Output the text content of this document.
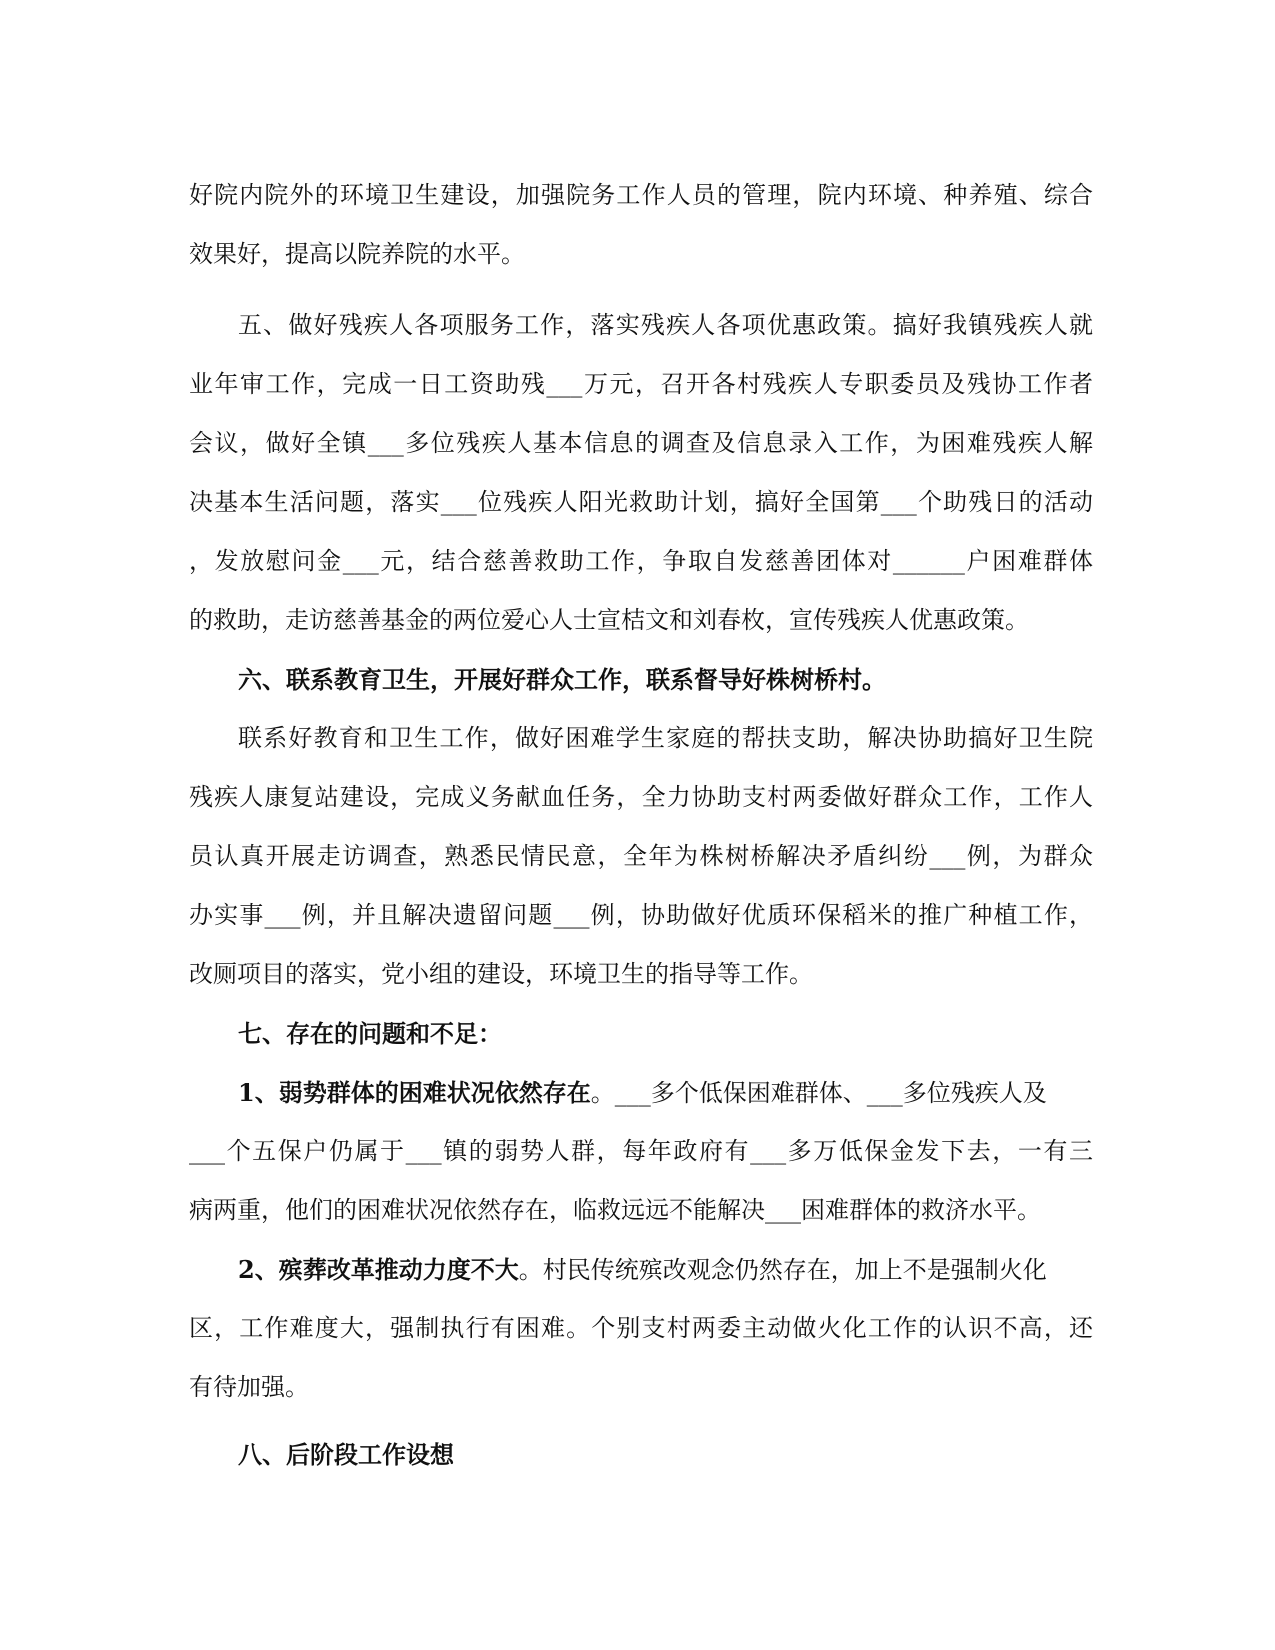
好院内院外的环境卫生建设，加强院务工作人员的管理，院内环境、种养殖、综合
效果好，提高以院养院的水平。
五、做好残疾人各项服务工作，落实残疾人各项优惠政策。搞好我镇残疾人就
业年审工作，完成一日工资助残___万元，召开各村残疾人专职委员及残协工作者
会议，做好全镇___多位残疾人基本信息的调查及信息录入工作，为困难残疾人解
决基本生活问题，落实___位残疾人阳光救助计划，搞好全国第___个助残日的活动
，发放慰问金___元，结合慈善救助工作，争取自发慈善团体对______户困难群体
的救助，走访慈善基金的两位爱心人士宣桔文和刘春枚，宣传残疾人优惠政策。
六、联系教育卫生，开展好群众工作，联系督导好株树桥村。
联系好教育和卫生工作，做好困难学生家庭的帮扶支助，解决协助搞好卫生院
残疾人康复站建设，完成义务献血任务，全力协助支村两委做好群众工作，工作人
员认真开展走访调查，熟悉民情民意，全年为株树桥解决矛盾纠纷___例，为群众
办实事___例，并且解决遗留问题___例，协助做好优质环保稻米的推广种植工作，
改厕项目的落实，党小组的建设，环境卫生的指导等工作。
七、存在的问题和不足：
1、弱势群体的困难状况依然存在。___多个低保困难群体、___多位残疾人及
___个五保户仍属于___镇的弱势人群，每年政府有___多万低保金发下去，一有三
病两重，他们的困难状况依然存在，临救远远不能解决___困难群体的救济水平。
2、殡葬改革推动力度不大。村民传统殡改观念仍然存在，加上不是强制火化
区，工作难度大，强制执行有困难。个别支村两委主动做火化工作的认识不高，还
有待加强。
八、后阶段工作设想
